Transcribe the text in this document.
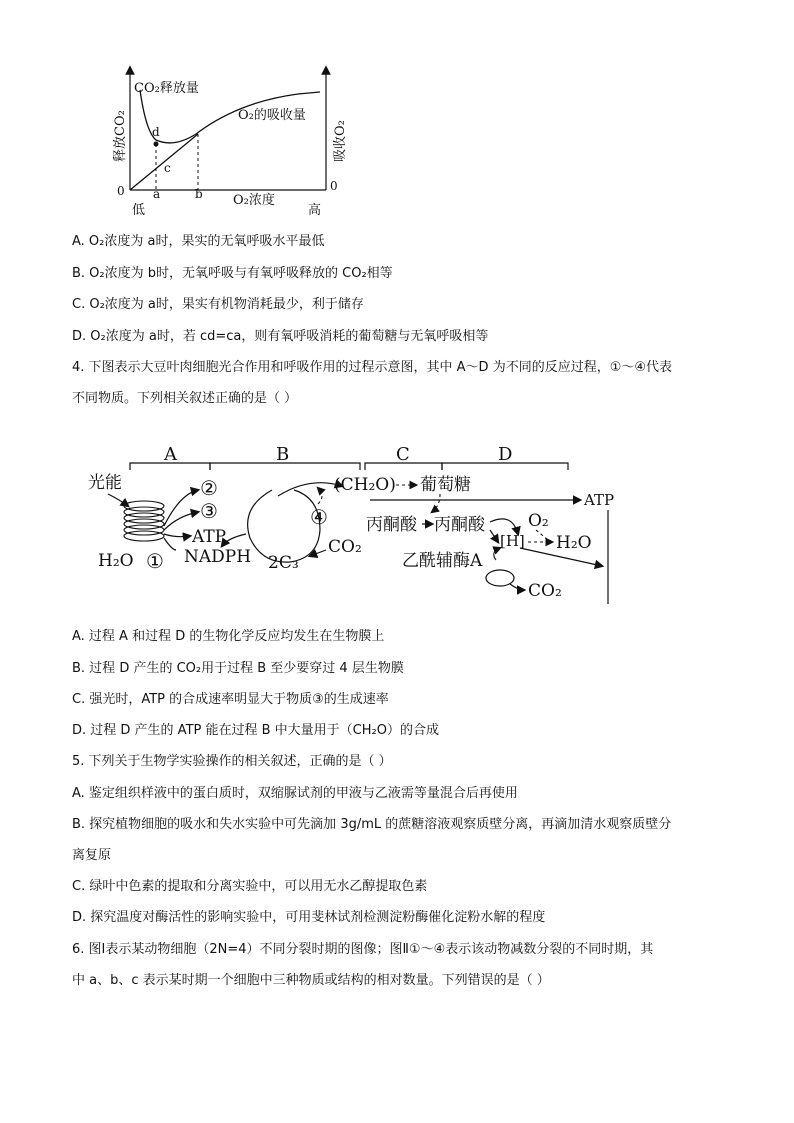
释放CO₂	吸收O₂
CO₂释放量
O₂的吸收量
d
c
a	b
0	0
O₂浓度
低	高
A. O₂浓度为 a时，果实的无氧呼吸水平最低
B. O₂浓度为 b时，无氧呼吸与有氧呼吸释放的 CO₂相等
C. O₂浓度为 a时，果实有机物消耗最少，利于储存
D. O₂浓度为 a时，若 cd=ca，则有氧呼吸消耗的葡萄糖与无氧呼吸相等
4. 下图表示大豆叶肉细胞光合作用和呼吸作用的过程示意图，其中 A～D 为不同的反应过程，①～④代表
不同物质。下列相关叙述正确的是（ ）
A	B	C	D
光能	②
③
ATP
NADPH
H₂O ①	2C₃
④
CO₂
(CH₂O) 葡萄糖
ATP
丙酮酸 丙酮酸	O₂
[H] H₂O
乙酰辅酶A
CO₂
A. 过程 A 和过程 D 的生物化学反应均发生在生物膜上
B. 过程 D 产生的 CO₂用于过程 B 至少要穿过 4 层生物膜
C. 强光时，ATP 的合成速率明显大于物质③的生成速率
D. 过程 D 产生的 ATP 能在过程 B 中大量用于（CH₂O）的合成
5. 下列关于生物学实验操作的相关叙述，正确的是（ ）
A. 鉴定组织样液中的蛋白质时，双缩脲试剂的甲液与乙液需等量混合后再使用
B. 探究植物细胞的吸水和失水实验中可先滴加 3g/mL 的蔗糖溶液观察质壁分离，再滴加清水观察质壁分
离复原
C. 绿叶中色素的提取和分离实验中，可以用无水乙醇提取色素
D. 探究温度对酶活性的影响实验中，可用斐林试剂检测淀粉酶催化淀粉水解的程度
6. 图Ⅰ表示某动物细胞（2N=4）不同分裂时期的图像；图Ⅱ①～④表示该动物减数分裂的不同时期，其
中 a、b、c 表示某时期一个细胞中三种物质或结构的相对数量。下列错误的是（ ）
